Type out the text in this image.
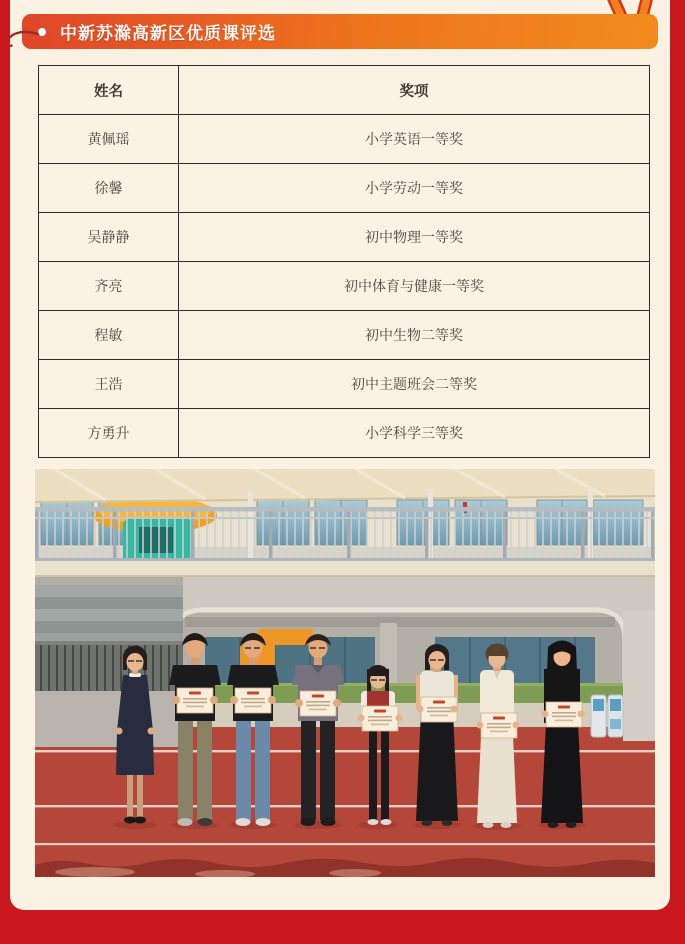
中新苏滁高新区优质课评选
姓名	奖项
黄佩瑶	小学英语一等奖
徐馨	小学劳动一等奖
吴静静	初中物理一等奖
齐亮	初中体育与健康一等奖
程敏	初中生物二等奖
王浩	初中主题班会二等奖
方勇升	小学科学三等奖
